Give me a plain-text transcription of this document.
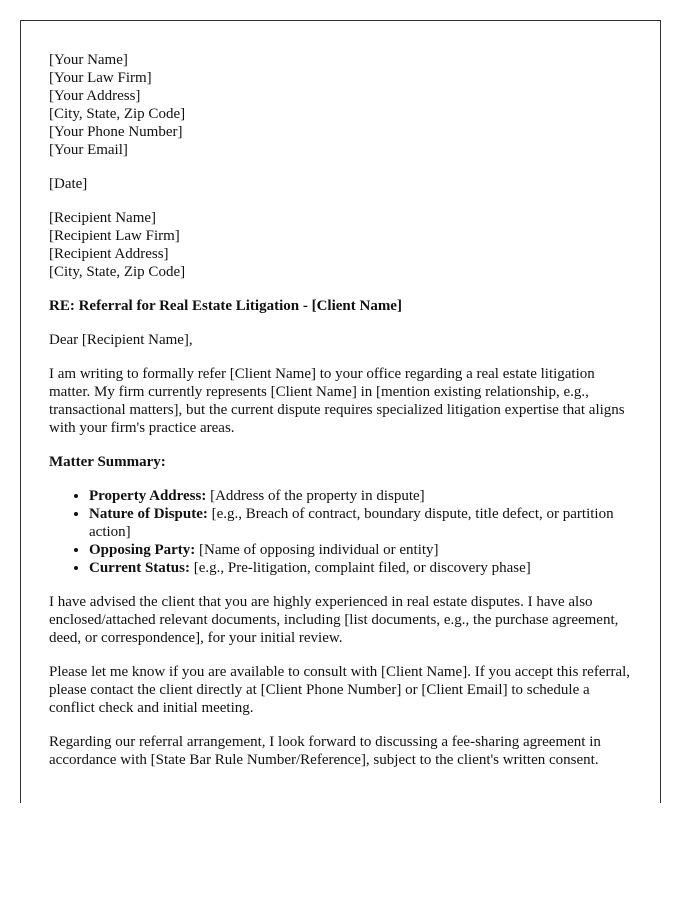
[Your Name]
[Your Law Firm]
[Your Address]
[City, State, Zip Code]
[Your Phone Number]
[Your Email]

[Date]

[Recipient Name]
[Recipient Law Firm]
[Recipient Address]
[City, State, Zip Code]

RE: Referral for Real Estate Litigation - [Client Name]

Dear [Recipient Name],

I am writing to formally refer [Client Name] to your office regarding a real estate litigation matter. My firm currently represents [Client Name] in [mention existing relationship, e.g., transactional matters], but the current dispute requires specialized litigation expertise that aligns with your firm's practice areas.

Matter Summary:

• Property Address: [Address of the property in dispute]
• Nature of Dispute: [e.g., Breach of contract, boundary dispute, title defect, or partition action]
• Opposing Party: [Name of opposing individual or entity]
• Current Status: [e.g., Pre-litigation, complaint filed, or discovery phase]

I have advised the client that you are highly experienced in real estate disputes. I have also enclosed/attached relevant documents, including [list documents, e.g., the purchase agreement, deed, or correspondence], for your initial review.

Please let me know if you are available to consult with [Client Name]. If you accept this referral, please contact the client directly at [Client Phone Number] or [Client Email] to schedule a conflict check and initial meeting.

Regarding our referral arrangement, I look forward to discussing a fee-sharing agreement in accordance with [State Bar Rule Number/Reference], subject to the client's written consent.
